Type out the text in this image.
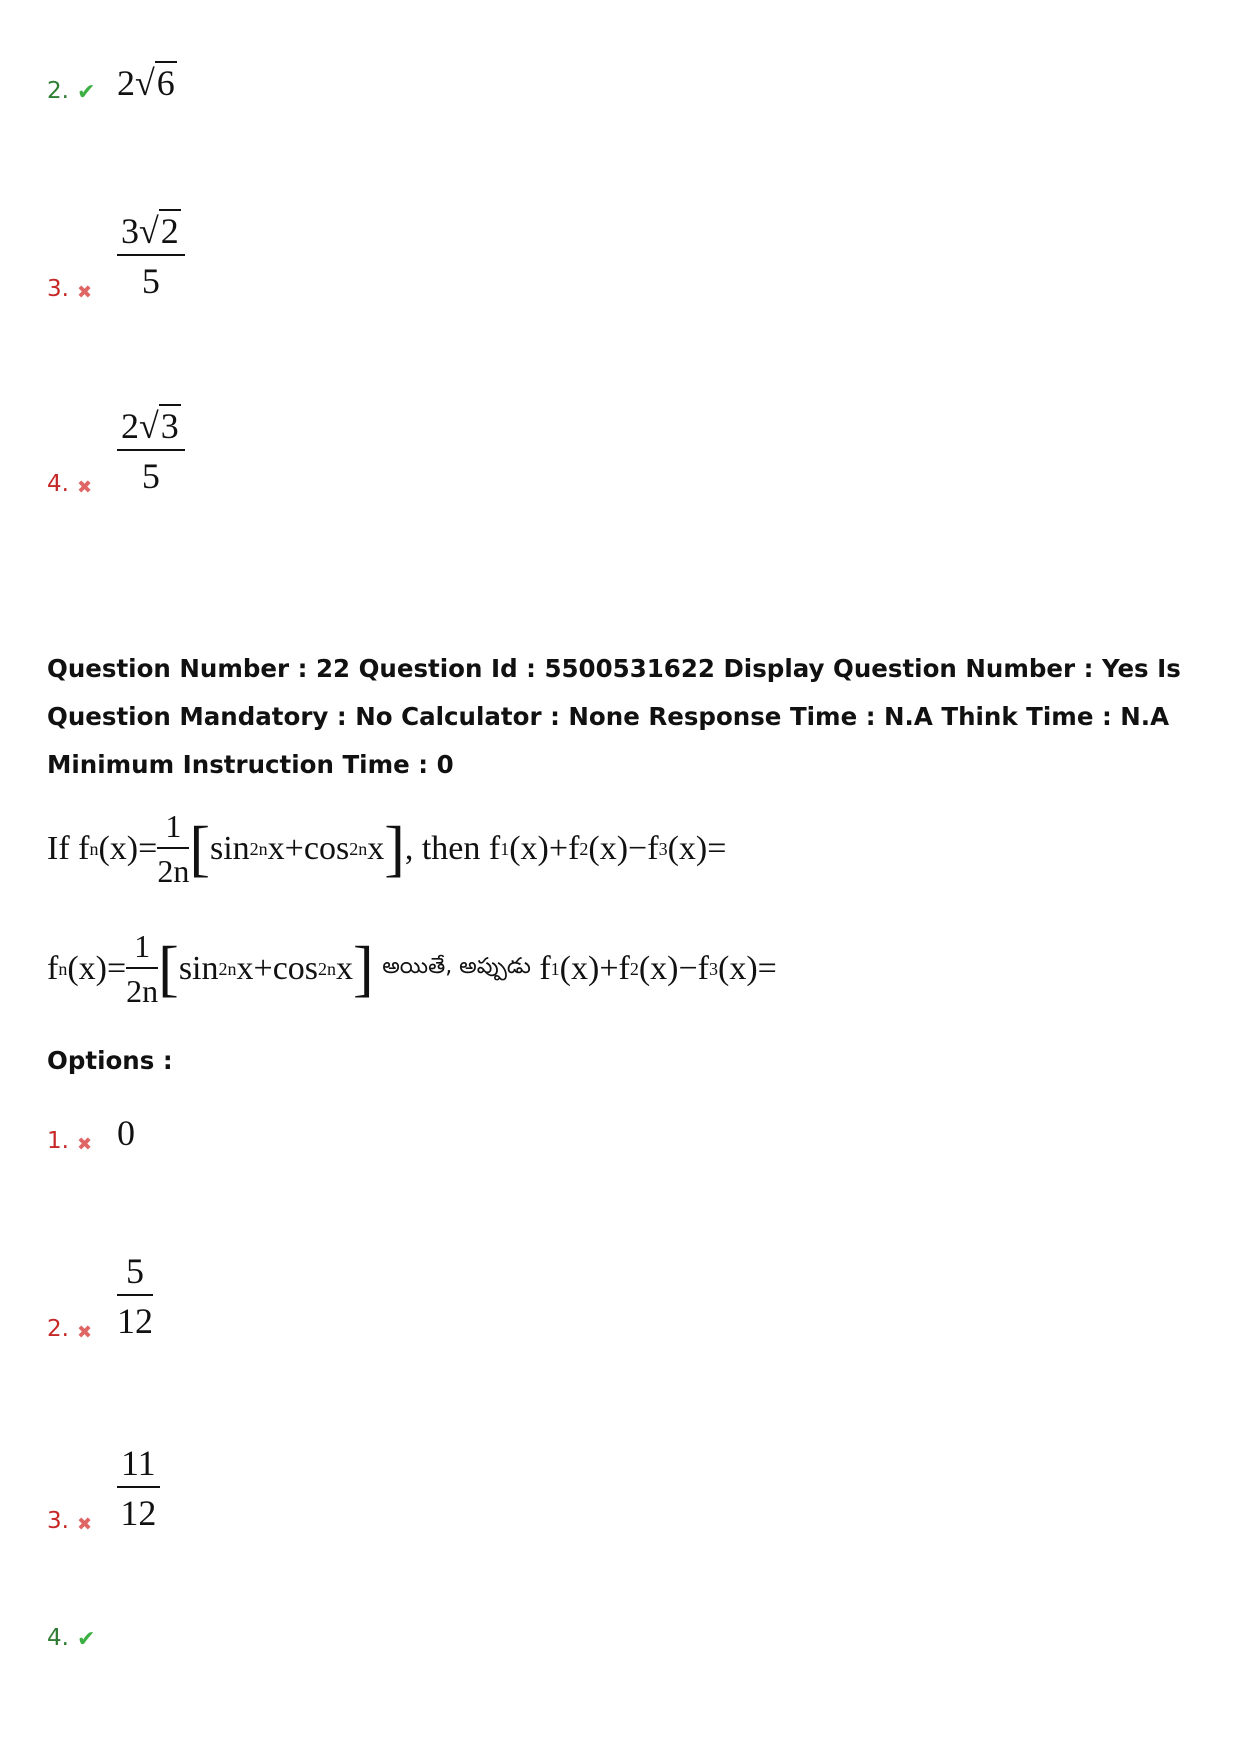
2. ✔ 2√6
3. ✖ $\frac{3√2}{5}$
4. ✖ $\frac{2√3}{5}$
Question Number : 22 Question Id : 5500531622 Display Question Number : Yes Is Question Mandatory : No Calculator : None Response Time : N.A Think Time : N.A Minimum Instruction Time : 0
If
f n $(x) = \frac{1}{2n}$ [ sin 2n x + cos 2n x ] , then
f 1 (x) + f 2 (x) − f 3 (x) =
f n $(x) = \frac{1}{2n}$ [ sin 2n x + cos 2n x ]
అయితే, అప్పుడు
f 1 (x) + f 2 (x) − f 3 (x) =
Options :
1. ✖ 0
2. ✖ $\frac{5}{12}$
3. ✖ $\frac{11}{12}$
4. ✔
